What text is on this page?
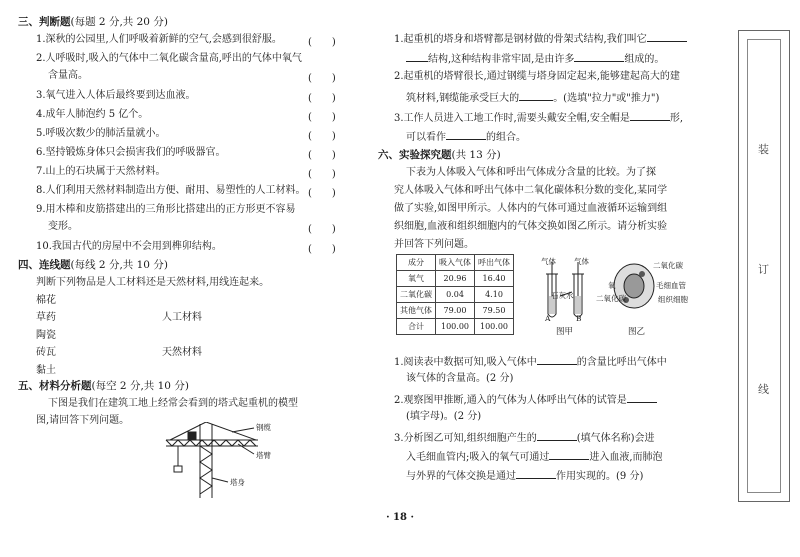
三、判断题(每题 2 分,共 20 分)
1.深秋的公园里,人们呼吸着新鲜的空气,会感到很舒服。	(　　)
2.人呼吸时,吸入的气体中二氧化碳含量高,呼出的气体中氧气
含量高。	(　　)
3.氧气进入人体后最终要到达血液。	(　　)
4.成年人肺泡约 5 亿个。	(　　)
5.呼吸次数少的肺活量就小。	(　　)
6.坚持锻炼身体只会损害我们的呼吸器官。	(　　)
7.山上的石块属于天然材料。	(　　)
8.人们利用天然材料制造出方便、耐用、易塑性的人工材料。 (　　)
9.用木棒和皮筋搭建出的三角形比搭建出的正方形更不容易
变形。	(　　)
10.我国古代的房屋中不会用到榫卯结构。	(　　)
四、连线题(每线 2 分,共 10 分)
判断下列物品是人工材料还是天然材料,用线连起来。
棉花
草药
陶瓷
砖瓦
黏土
人工材料
天然材料
五、材料分析题(每空 2 分,共 10 分)
下图是我们在建筑工地上经常会看到的塔式起重机的模型
图,请回答下列问题。
钢缆
塔臂
塔身
1.起重机的塔身和塔臂都是钢材做的骨架式结构,我们叫它
结构,这种结构非常牢固,是由许多	组成的。
2.起重机的塔臂很长,通过钢缆与塔身固定起来,能够建起高大的建
筑材料,钢缆能承受巨大的	。(选填"拉力"或"推力")
3.工作人员进入工地工作时,需要头戴安全帽,安全帽是	形,
可以看作	的组合。
六、实验探究题(共 13 分)
下表为人体吸入气体和呼出气体成分含量的比较。为了探
究人体吸入气体和呼出气体中二氧化碳体积分数的变化,某同学
做了实验,如图甲所示。人体内的气体可通过血液循环运输到组
织细胞,血液和组织细胞内的气体交换如图乙所示。请分析实验
并回答下列问题。
成分	吸入气体	呼出气体
氧气	20.96	16.40
二氧化碳	0.04	4.10
其他气体	79.00	79.50
合计	100.00	100.00
气体 气体
石灰水
A	B
图甲
二氧化碳
氧
二氧化碳
毛细血管
组织细胞
图乙
1.阅读表中数据可知,吸入气体中	的含量比呼出气体中
该气体的含量高。(2 分)
2.观察图甲推断,通入的气体为人体呼出气体的试管是
(填字母)。(2 分)
3.分析图乙可知,组织细胞产生的	(填气体名称)会进
入毛细血管内;吸入的氧气可通过	进入血液,而肺泡
与外界的气体交换是通过	作用实现的。(9 分)
装
订
线
· 18 ·
